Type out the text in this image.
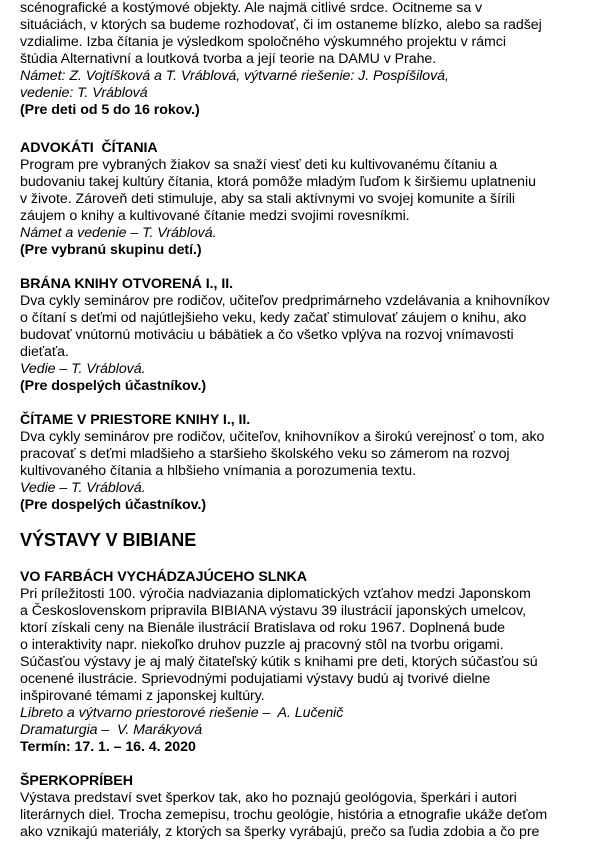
scénografické a kostýmové objekty. Ale najmä citlivé srdce. Ocitneme sa v
situáciách, v ktorých sa budeme rozhodovať, či im ostaneme blízko, alebo sa radšej
vzdialime. Izba čítania je výsledkom spoločného výskumného projektu v rámci
štúdia Alternativní a loutková tvorba a její teorie na DAMU v Prahe.
Námet: Z. Vojtíšková a T. Vráblová, výtvarné riešenie: J. Pospíšilová,
vedenie: T. Vráblová
(Pre deti od 5 do 16 rokov.)
ADVOKÁTI  ČÍTANIA
Program pre vybraných žiakov sa snaží viesť deti ku kultivovanému čítaniu a
budovaniu takej kultúry čítania, ktorá pomôže mladým ľuďom k širšiemu uplatneniu
v živote. Zároveň deti stimuluje, aby sa stali aktívnymi vo svojej komunite a šírili
záujem o knihy a kultivované čítanie medzi svojimi rovesníkmi.
Námet a vedenie – T. Vráblová.
(Pre vybranú skupinu detí.)
BRÁNA KNIHY OTVORENÁ I., II.
Dva cykly seminárov pre rodičov, učiteľov predprimárneho vzdelávania a knihovníkov
o čítaní s deťmi od najútlejšieho veku, kedy začať stimulovať záujem o knihu, ako
budovať vnútornú motiváciu u bábätiek a čo všetko vplýva na rozvoj vnímavosti
dieťaťa.
Vedie – T. Vráblová.
(Pre dospelých účastníkov.)
ČÍTAME V PRIESTORE KNIHY I., II.
Dva cykly seminárov pre rodičov, učiteľov, knihovníkov a širokú verejnosť o tom, ako
pracovať s deťmi mladšieho a staršieho školského veku so zámerom na rozvoj
kultivovaného čítania a hlbšieho vnímania a porozumenia textu.
Vedie – T. Vráblová.
(Pre dospelých účastníkov.)
VÝSTAVY V BIBIANE
VO FARBÁCH VYCHÁDZAJÚCEHO SLNKA
Pri príležitosti 100. výročia nadviazania diplomatických vzťahov medzi Japonskom
a Československom pripravila BIBIANA výstavu 39 ilustrácií japonských umelcov,
ktorí získali ceny na Bienále ilustrácií Bratislava od roku 1967. Doplnená bude
o interaktivity napr. niekoľko druhov puzzle aj pracovný stôl na tvorbu origami.
Súčasťou výstavy je aj malý čitateľský kútik s knihami pre deti, ktorých súčasťou sú
ocenené ilustrácie. Sprievodnými podujatiami výstavy budú aj tvorivé dielne
inšpirované témami z japonskej kultúry.
Libreto a výtvarno priestorové riešenie –  A. Lučenič
Dramaturgia –  V. Marákyová
Termín: 17. 1. – 16. 4. 2020
ŠPERKOPRÍBEH
Výstava predstaví svet šperkov tak, ako ho poznajú geológovia, šperkári i autori
literárnych diel. Trocha zemepisu, trochu geológie, história a etnografie ukáže deťom
ako vznikajú materiály, z ktorých sa šperky vyrábajú, prečo sa ľudia zdobia a čo pre
